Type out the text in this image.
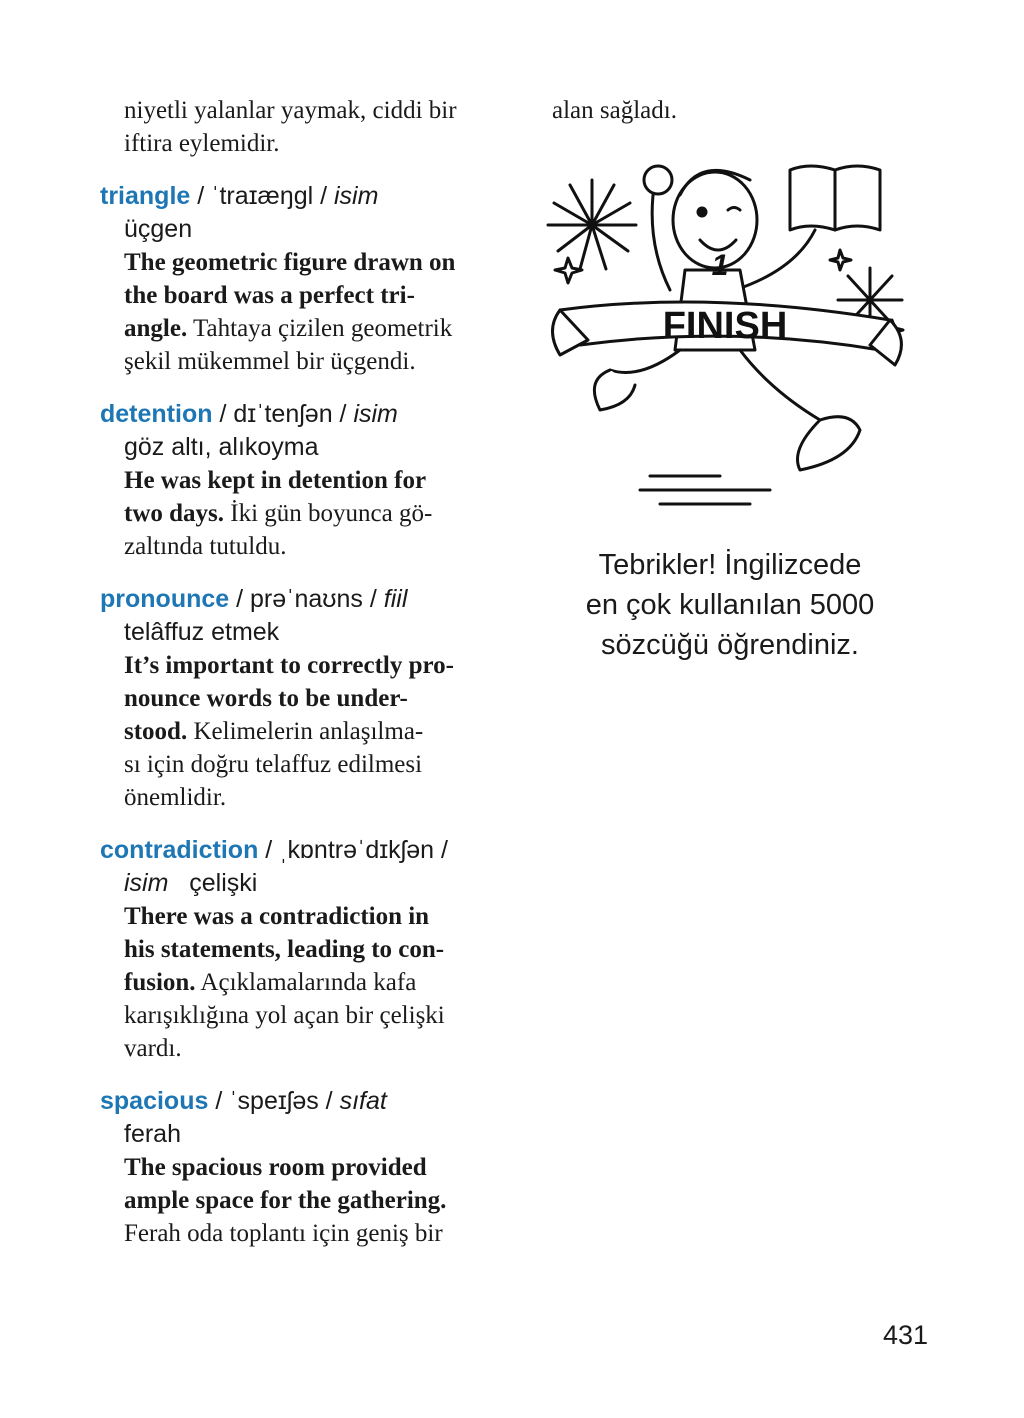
niyetli yalanlar yaymak, ciddi bir
iftira eylemidir.
triangle / ˈtraɪæŋgl / isim
üçgen
The geometric figure drawn on
the board was a perfect tri-
angle. Tahtaya çizilen geometrik
şekil mükemmel bir üçgendi.
detention / dɪˈtenʃən / isim
göz altı, alıkoyma
He was kept in detention for
two days. İki gün boyunca gö-
zaltında tutuldu.
pronounce / prəˈnaʊns / fiil
telâffuz etmek
It’s important to correctly pro-
nounce words to be under-
stood. Kelimelerin anlaşılma-
sı için doğru telaffuz edilmesi
önemlidir.
contradiction / ˌkɒntrəˈdɪkʃən /
isim çelişki
There was a contradiction in
his statements, leading to con-
fusion. Açıklamalarında kafa
karışıklığına yol açan bir çelişki
vardı.
spacious / ˈspeɪʃəs / sıfat
ferah
The spacious room provided
ample space for the gathering.
Ferah oda toplantı için geniş bir
alan sağladı.
1
FINISH
Tebrikler! İngilizcede
en çok kullanılan 5000
sözcüğü öğrendiniz.
431
